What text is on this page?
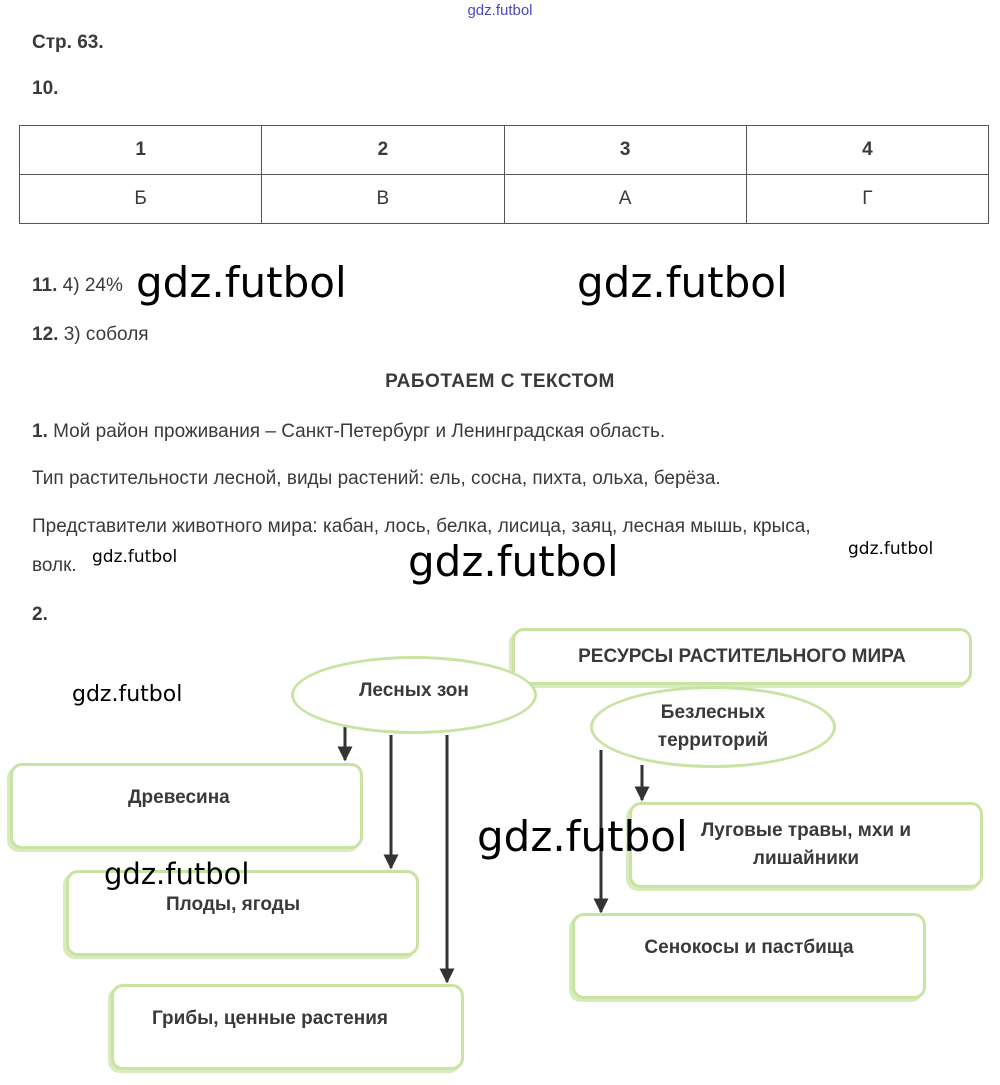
gdz.futbol
Стр. 63.
10.
1	2	3	4
Б	В	А	Г
11. 4) 24%
12. 3) соболя
РАБОТАЕМ С ТЕКСТОМ
1. Мой район проживания – Санкт-Петербург и Ленинградская область.
Тип растительности лесной, виды растений: ель, сосна, пихта, ольха, берёза.
Представители животного мира: кабан, лось, белка, лисица, заяц, лесная мышь, крыса,
волк.
2.
РЕСУРСЫ РАСТИТЕЛЬНОГО МИРА
Лесных зон
Безлесных
территорий
Древесина
Плоды, ягоды
Грибы, ценные растения
Луговые травы, мхи и
лишайники
Сенокосы и пастбища
gdz.futbol	gdz.futbol
gdz.futbol	gdz.futbol	gdz.futbol
gdz.futbol
gdz.futbol
gdz.futbol
